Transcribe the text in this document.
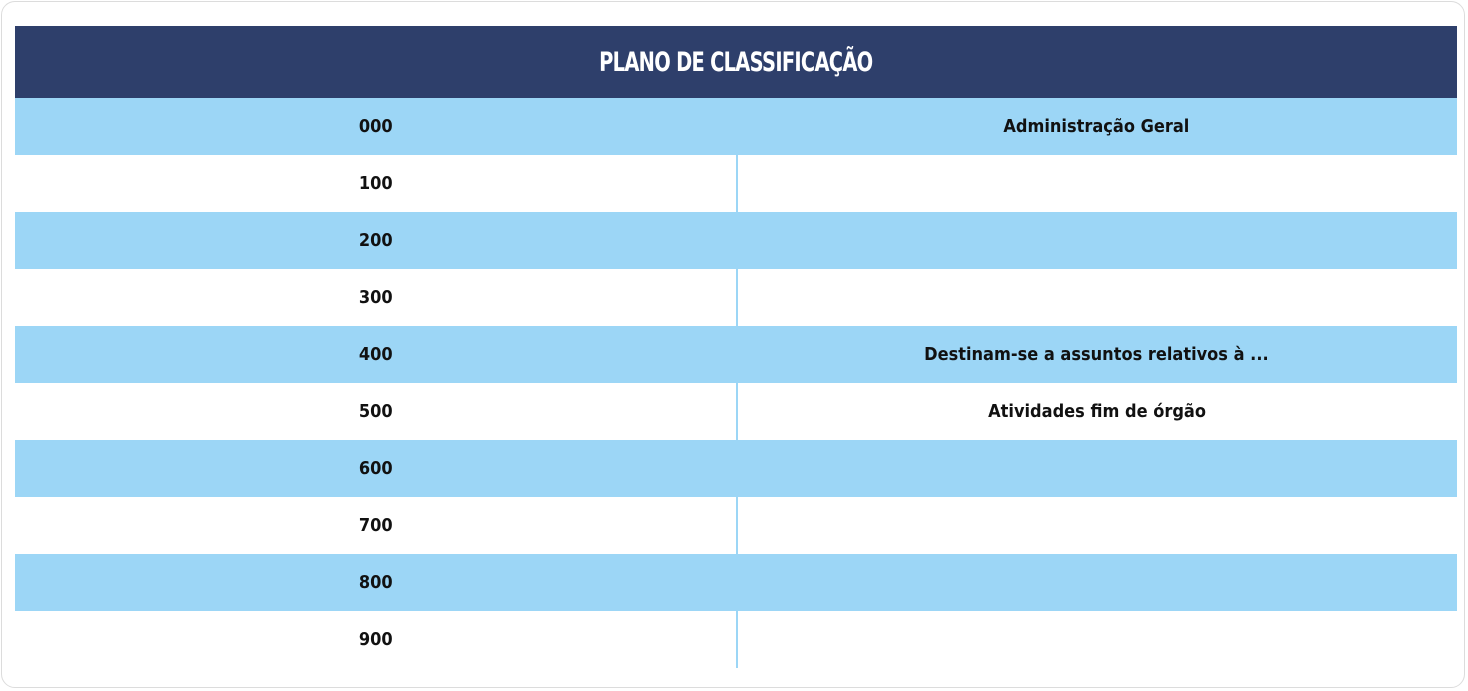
PLANO DE CLASSIFICAÇÃO
000	Administração Geral
100
200
300
400	Destinam-se a assuntos relativos à ...
500	Atividades fim de órgão
600
700
800
900
